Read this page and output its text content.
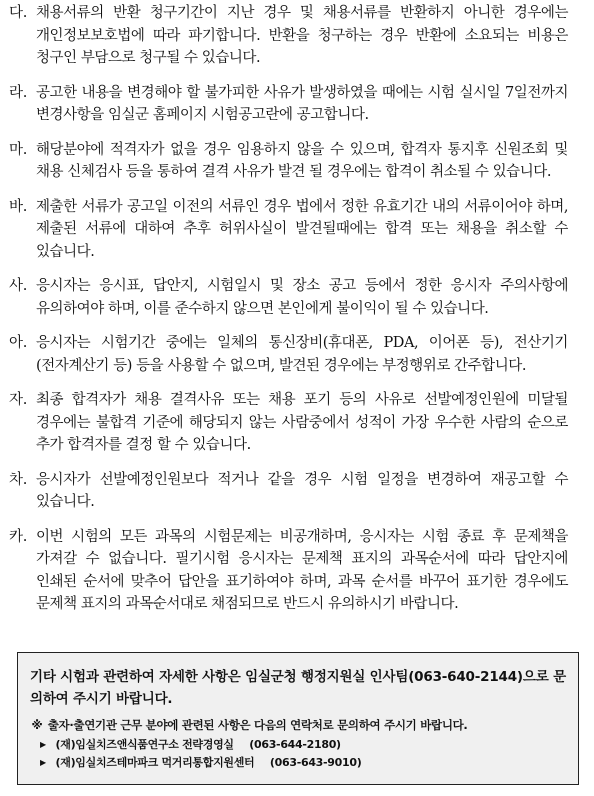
다. 채용서류의 반환 청구기간이 지난 경우 및 채용서류를 반환하지 아니한 경우에는 개인정보보호법에 따라 파기합니다. 반환을 청구하는 경우 반환에 소요되는 비용은 청구인 부담으로 청구될 수 있습니다.
라. 공고한 내용을 변경해야 할 불가피한 사유가 발생하였을 때에는 시험 실시일 7일전까지 변경사항을 임실군 홈페이지 시험공고란에 공고합니다.
마. 해당분야에 적격자가 없을 경우 임용하지 않을 수 있으며, 합격자 통지후 신원조회 및 채용 신체검사 등을 통하여 결격 사유가 발견 될 경우에는 합격이 취소될 수 있습니다.
바. 제출한 서류가 공고일 이전의 서류인 경우 법에서 정한 유효기간 내의 서류이어야 하며, 제출된 서류에 대하여 추후 허위사실이 발견될때에는 합격 또는 채용을 취소할 수 있습니다.
사. 응시자는 응시표, 답안지, 시험일시 및 장소 공고 등에서 정한 응시자 주의사항에 유의하여야 하며, 이를 준수하지 않으면 본인에게 불이익이 될 수 있습니다.
아. 응시자는 시험기간 중에는 일체의 통신장비(휴대폰, PDA, 이어폰 등), 전산기기(전자계산기 등) 등을 사용할 수 없으며, 발견된 경우에는 부정행위로 간주합니다.
자. 최종 합격자가 채용 결격사유 또는 채용 포기 등의 사유로 선발예정인원에 미달될 경우에는 불합격 기준에 해당되지 않는 사람중에서 성적이 가장 우수한 사람의 순으로 추가 합격자를 결정 할 수 있습니다.
차. 응시자가 선발예정인원보다 적거나 같을 경우 시험 일정을 변경하여 재공고할 수 있습니다.
카. 이번 시험의 모든 과목의 시험문제는 비공개하며, 응시자는 시험 종료 후 문제책을 가져갈 수 없습니다. 필기시험 응시자는 문제책 표지의 과목순서에 따라 답안지에 인쇄된 순서에 맞추어 답안을 표기하여야 하며, 과목 순서를 바꾸어 표기한 경우에도 문제책 표지의 과목순서대로 채점되므로 반드시 유의하시기 바랍니다.

기타 시험과 관련하여 자세한 사항은 임실군청 행정지원실 인사팀(063-640-2144)으로 문의하여 주시기 바랍니다.

※ 출자·출연기관 근무 분야에 관련된 사항은 다음의 연락처로 문의하여 주시기 바랍니다.
▶ (재)임실치즈앤식품연구소 전략경영실 (063-644-2180)
▶ (재)임실치즈테마파크 먹거리통합지원센터 (063-643-9010)
